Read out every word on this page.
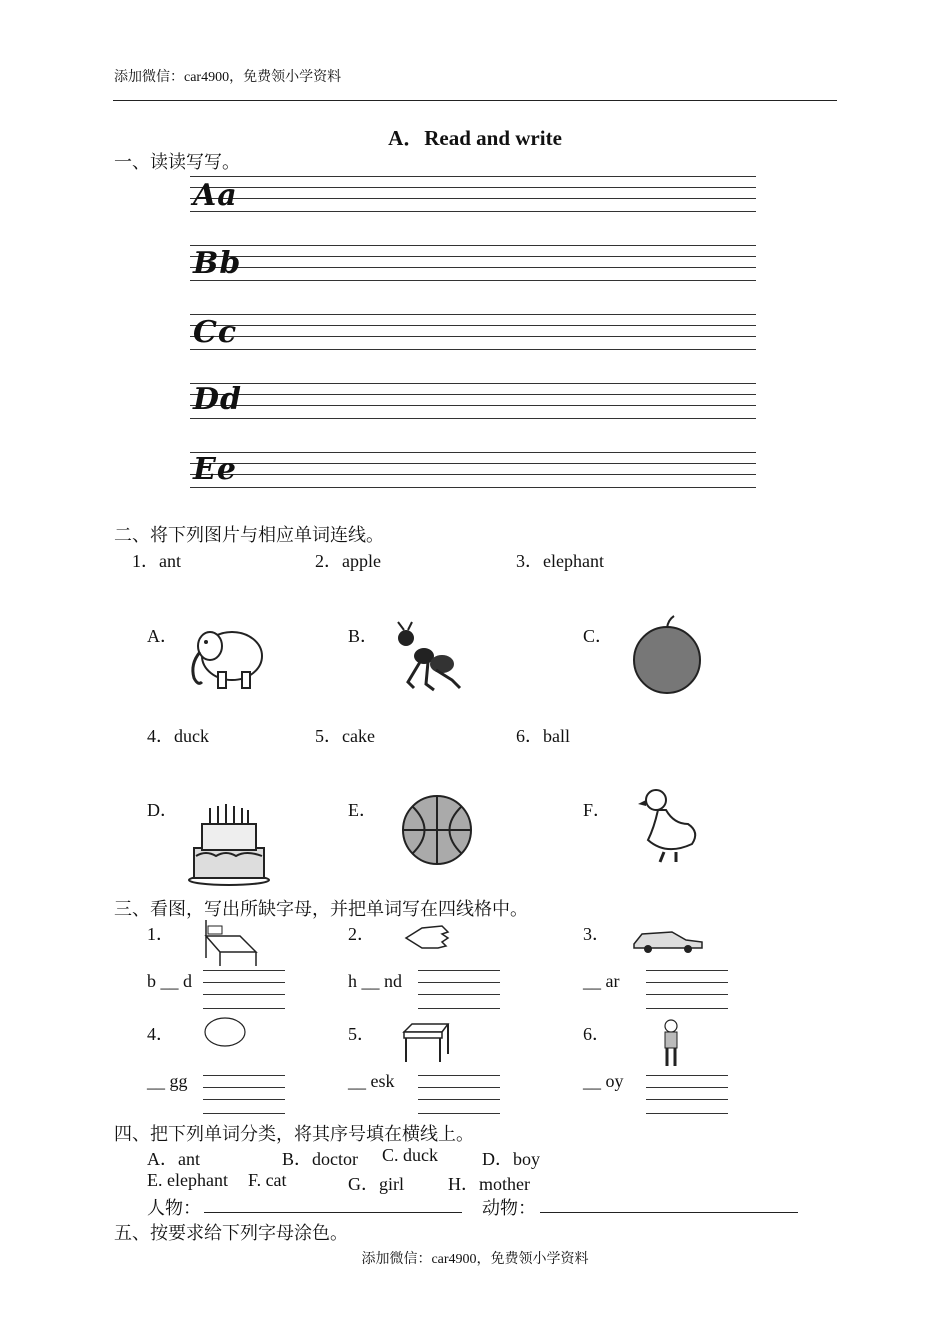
添加微信：car4900，免费领小学资料
A．Read and write
一、读读写写。
Aa
Bb
Cc
Dd
Ee
二、将下列图片与相应单词连线。
1．ant	2．apple	3．elephant
A．	B．	C．
4．duck	5．cake	6．ball
D．	E．	F．
三、看图，写出所缺字母，并把单词写在四线格中。
1．	2．	3．
b __ d	h __ nd	__ ar
4．	5．	6．
__ gg	__ esk	__ oy
四、把下列单词分类，将其序号填在横线上。
A．ant	B．doctor C. duck D．boy
E. elephant F. cat	G．girl H．mother
人物：	动物：
五、按要求给下列字母涂色。
添加微信：car4900，免费领小学资料
